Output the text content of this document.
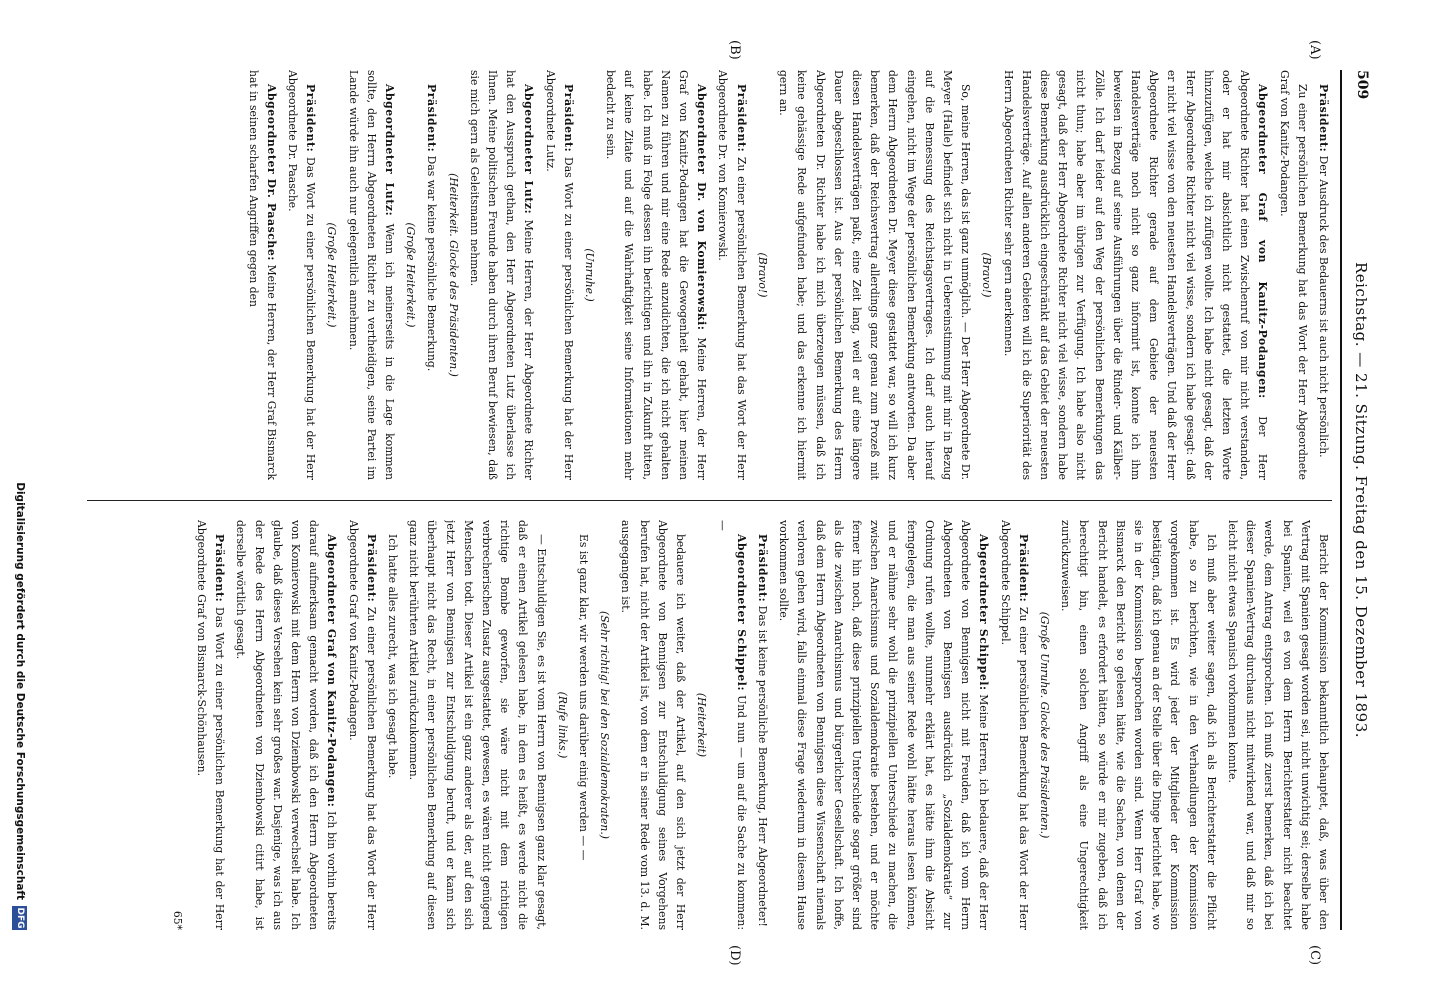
509
Reichstag. — 21. Sitzung. Freitag den 15. Dezember 1893.
(A)
(B)
(C)
(D)

Präsident: Der Ausdruck des Bedauerns ist auch nicht persönlich.

Zu einer persönlichen Bemerkung hat das Wort der Herr Abgeordnete Graf von Kanitz-Podangen.

Abgeordneter Graf von Kanitz-Podangen: Der Herr Abgeordnete Richter hat einen Zwischenruf von mir nicht verstanden, oder er hat mir absichtlich nicht gestattet, die letzten Worte hinzuzufügen, welche ich zufügen wollte. Ich habe nicht gesagt, daß der Herr Abgeordnete Richter nicht viel wisse, sondern ich habe gesagt: daß er nicht viel wisse von den neuesten Handelsverträgen. Und daß der Herr Abgeordnete Richter gerade auf dem Gebiete der neuesten Handelsverträge noch nicht so ganz informirt ist, konnte ich ihm beweisen in Bezug auf seine Ausführungen über die Rinder- und Kälber-Zölle. Ich darf leider auf den Weg der persönlichen Bemerkungen das nicht thun; habe aber im übrigen zur Verfügung. Ich habe also nicht gesagt, daß der Herr Abgeordnete Richter nicht viel wisse, sondern habe diese Bemerkung ausdrücklich eingeschränkt auf das Gebiet der neuesten Handelsverträge. Auf allen anderen Gebieten will ich die Superiorität des Herrn Abgeordneten Richter sehr gern anerkennen.

(Bravo!)

So, meine Herren, das ist ganz unmöglich. — Der Herr Abgeordnete Dr. Meyer (Halle) befindet sich nicht in Uebereinstimmung mit mir in Bezug auf die Bemessung des Reichstagsvertrages. Ich darf auch hierauf eingehen, nicht im Wege der persönlichen Bemerkung antworten. Da aber dem Herrn Abgeordneten Dr. Meyer diese gestattet war, so will ich kurz bemerken, daß der Reichsvertrag allerdings ganz genau zum Prozeß mit diesen Handelsverträgen paßt, eine Zeit lang, weil er auf eine längere Dauer abgeschlossen ist. Aus der persönlichen Bemerkung des Herrn Abgeordneten Dr. Richter habe ich mich überzeugen müssen, daß ich keine gehässige Rede aufgefunden habe; und das erkenne ich hiermit gern an.

(Bravo!)

Präsident: Zu einer persönlichen Bemerkung hat das Wort der Herr Abgeordnete Dr. von Komierowski.

Abgeordneter Dr. von Komierowski: Meine Herren, der Herr Graf von Kanitz-Podangen hat die Gewogenheit gehabt, hier meinen Namen zu führen und mir eine Rede anzudichten, die ich nicht gehalten habe. Ich muß in Folge dessen ihn berichtigen und ihn in Zukunft bitten, auf keine Zitate und auf die Wahrhaftigkeit seine Informationen mehr bedacht zu sein.

(Unruhe.)

Präsident: Das Wort zu einer persönlichen Bemerkung hat der Herr Abgeordnete Lutz.

Abgeordneter Lutz: Meine Herren, der Herr Abgeordnete Richter hat den Ausspruch gethan, den Herr Abgeordneten Lutz überlasse ich Ihnen. Meine politischen Freunde haben durch ihren Beruf bewiesen, daß sie mich gern als Geleitsmann nehmen.

(Heiterkeit. Glocke des Präsidenten.)

Präsident: Das war keine persönliche Bemerkung.

(Große Heiterkeit.)

Abgeordneter Lutz: Wenn ich meinerseits in die Lage kommen sollte, den Herrn Abgeordneten Richter zu vertheidigen, seine Partei im Lande würde ihn auch nur gelegentlich annehmen.

(Große Heiterkeit.)

Präsident: Das Wort zu einer persönlichen Bemerkung hat der Herr Abgeordnete Dr. Paasche.

Abgeordneter Dr. Paasche: Meine Herren, der Herr Graf Bismarck hat in seinen scharfen Angriffen gegen den

Bericht der Kommission bekanntlich behauptet, daß, was über den Vertrag mit Spanien gesagt worden sei, nicht unwichtig sei; derselbe habe bei Spanien, weil es von dem Herrn Berichterstatter nicht beachtet werde, dem Antrag entsprochen. Ich muß zuerst bemerken, daß ich bei dieser Spanien-Vertrag durchaus nicht mitwirkend war, und daß mir so leicht nicht etwas Spanisch vorkommen konnte.

Ich muß aber weiter sagen, daß ich als Berichterstatter die Pflicht habe, so zu berichten, wie in den Verhandlungen der Kommission vorgekommen ist. Es wird jeder der Mitglieder der Kommission bestätigen, daß ich genau an der Stelle über die Dinge berichtet habe, wo sie in der Kommission besprochen worden sind. Wenn Herr Graf von Bismarck den Bericht so gelesen hätte, wie die Sachen, von denen der Bericht handelt, es erfordert hätten, so würde er mir zugeben, daß ich berechtigt bin, einen solchen Angriff als eine Ungerechtigkeit zurückzuweisen.

(Große Unruhe. Glocke des Präsidenten.)

Präsident: Zu einer persönlichen Bemerkung hat das Wort der Herr Abgeordnete Schippel.

Abgeordneter Schippel: Meine Herren, ich bedauere, daß der Herr Abgeordnete von Bennigsen nicht mit Freuden, daß ich vom Herrn Abgeordneten von Bennigsen ausdrücklich „Sozialdemokratie“ zur Ordnung rufen wollte, nunmehr erklärt hat, es hätte ihm die Absicht ferngelegen, die man aus seiner Rede wohl hätte heraus lesen können, und er nähme sehr wohl die prinzipiellen Unterschiede zu machen, die zwischen Anarchismus und Sozialdemokratie bestehen, und er möchte ferner hin noch, daß diese prinzipiellen Unterschiede sogar größer sind als die zwischen Anarchismus und bürgerlicher Gesellschaft. Ich hoffe, daß dem Herrn Abgeordneten von Bennigsen diese Wissenschaft niemals verloren gehen wird, falls einmal diese Frage wiederum in diesem Hause vorkommen sollte.

Präsident: Das ist keine persönliche Bemerkung, Herr Abgeordneter!

Abgeordneter Schippel: Und nun — um auf die Sache zu kommen: —

(Heiterkeit)

bedauere ich weiter, daß der Artikel, auf den sich jetzt der Herr Abgeordnete von Bennigsen zur Entschuldigung seines Vorgehens berufen hat, nicht der Artikel ist, von dem er in seiner Rede vom 13. d. M. ausgegangen ist.

(Sehr richtig! bei den Sozialdemokraten.)

Es ist ganz klar, wir werden uns darüber einig werden — —

(Rufe links.)

— Entschuldigen Sie, es ist vom Herrn von Bennigsen ganz klar gesagt, daß er einen Artikel gelesen habe, in dem es heißt, es werde nicht die richtige Bombe geworfen, sie wäre nicht mit dem richtigen verbrecherischen Zusatz ausgestattet, gewesen, es wären nicht genügend Menschen todt. Dieser Artikel ist ein ganz anderer als der, auf den sich jetzt Herr von Bennigsen zur Entschuldigung beruft, und er kann sich überhaupt nicht das Recht, in einer persönlichen Bemerkung auf diesen ganz nicht berührten Artikel zurückzukommen.

Ich hatte alles zurecht, was ich gesagt habe.

Präsident: Zu einer persönlichen Bemerkung hat das Wort der Herr Abgeordnete Graf von Kanitz-Podangen.

Abgeordneter Graf von Kanitz-Podangen: Ich bin vorhin bereits darauf aufmerksam gemacht worden, daß ich den Herrn Abgeordneten von Komierowski mit dem Herrn von Dziembowski verwechselt habe. Ich glaube, daß dieses Versehen kein sehr großes war. Dasjenige, was ich aus der Rede des Herrn Abgeordneten von Dziembowski citirt habe, ist derselbe wörtlich gesagt.

Präsident: Das Wort zu einer persönlichen Bemerkung hat der Herr Abgeordnete Graf von Bismarck-Schönhausen.

65*

Digitalisierung gefördert durch die Deutsche Forschungsgemeinschaft
DFG
